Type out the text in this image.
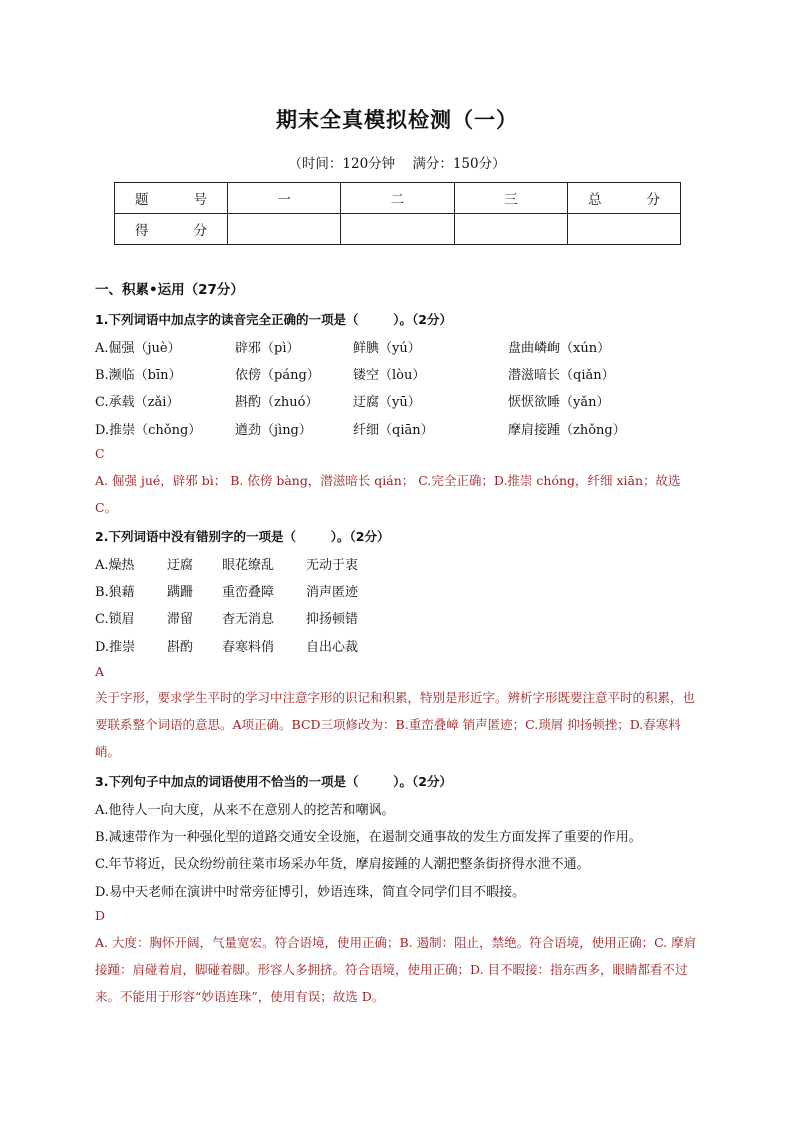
期末全真模拟检测（一）
（时间：120分钟    满分：150分）
题 号	一	二	三	总 分

得 分				

一、积累•运用（27分）
1.下列词语中加点字的读音完全正确的一项是（        ）。（2分）
A.倔强（juè）	辟邪（pì）	鲜腆（yú）	盘曲嶙峋（xún）
B.濒临（bīn）	依傍（páng）	镂空（lòu）	潜滋暗长（qiǎn）
C.承载（zǎi）	斟酌（zhuó）	迂腐（yū）	恹恹欲睡（yǎn）
D.推崇（chǒng）	遒劲（jìng）	纤细（qiān）	摩肩接踵（zhǒng）
C
A. 倔强 jué，辟邪 bì； B. 依傍 bàng，潜滋暗长 qián； C.完全正确；D.推崇 chóng，纤细 xiān；故选 C。
2.下列词语中没有错别字的一项是（        ）。（2分）
A.燥热 迂腐 眼花缭乱 无动于衷
B.狼藉 蹒跚 重峦叠障 消声匿迹
C.锁眉 滞留 杳无消息 抑扬顿错
D.推崇 斟酌 春寒料俏 自出心裁
A
关于字形，要求学生平时的学习中注意字形的识记和积累，特别是形近字。辨析字形既要注意平时的积累，也要联系整个词语的意思。A项正确。BCD三项修改为：B.重峦叠嶂 销声匿迹；C.琐屑 抑扬顿挫；D.春寒料峭。
3.下列句子中加点的词语使用不恰当的一项是（        ）。（2分）
A.他待人一向大度，从来不在意别人的挖苦和嘲讽。
B.减速带作为一种强化型的道路交通安全设施，在遏制交通事故的发生方面发挥了重要的作用。
C.年节将近，民众纷纷前往菜市场采办年货，摩肩接踵的人潮把整条街挤得水泄不通。
D.易中天老师在演讲中时常旁征博引，妙语连珠，简直令同学们目不暇接。
D
A. 大度：胸怀开阔，气量宽宏。符合语境，使用正确；B. 遏制：阻止，禁绝。符合语境，使用正确；C. 摩肩接踵：肩碰着肩，脚碰着脚。形容人多拥挤。符合语境，使用正确；D. 目不暇接：指东西多，眼睛都看不过来。不能用于形容“妙语连珠”，使用有误；故选 D。
